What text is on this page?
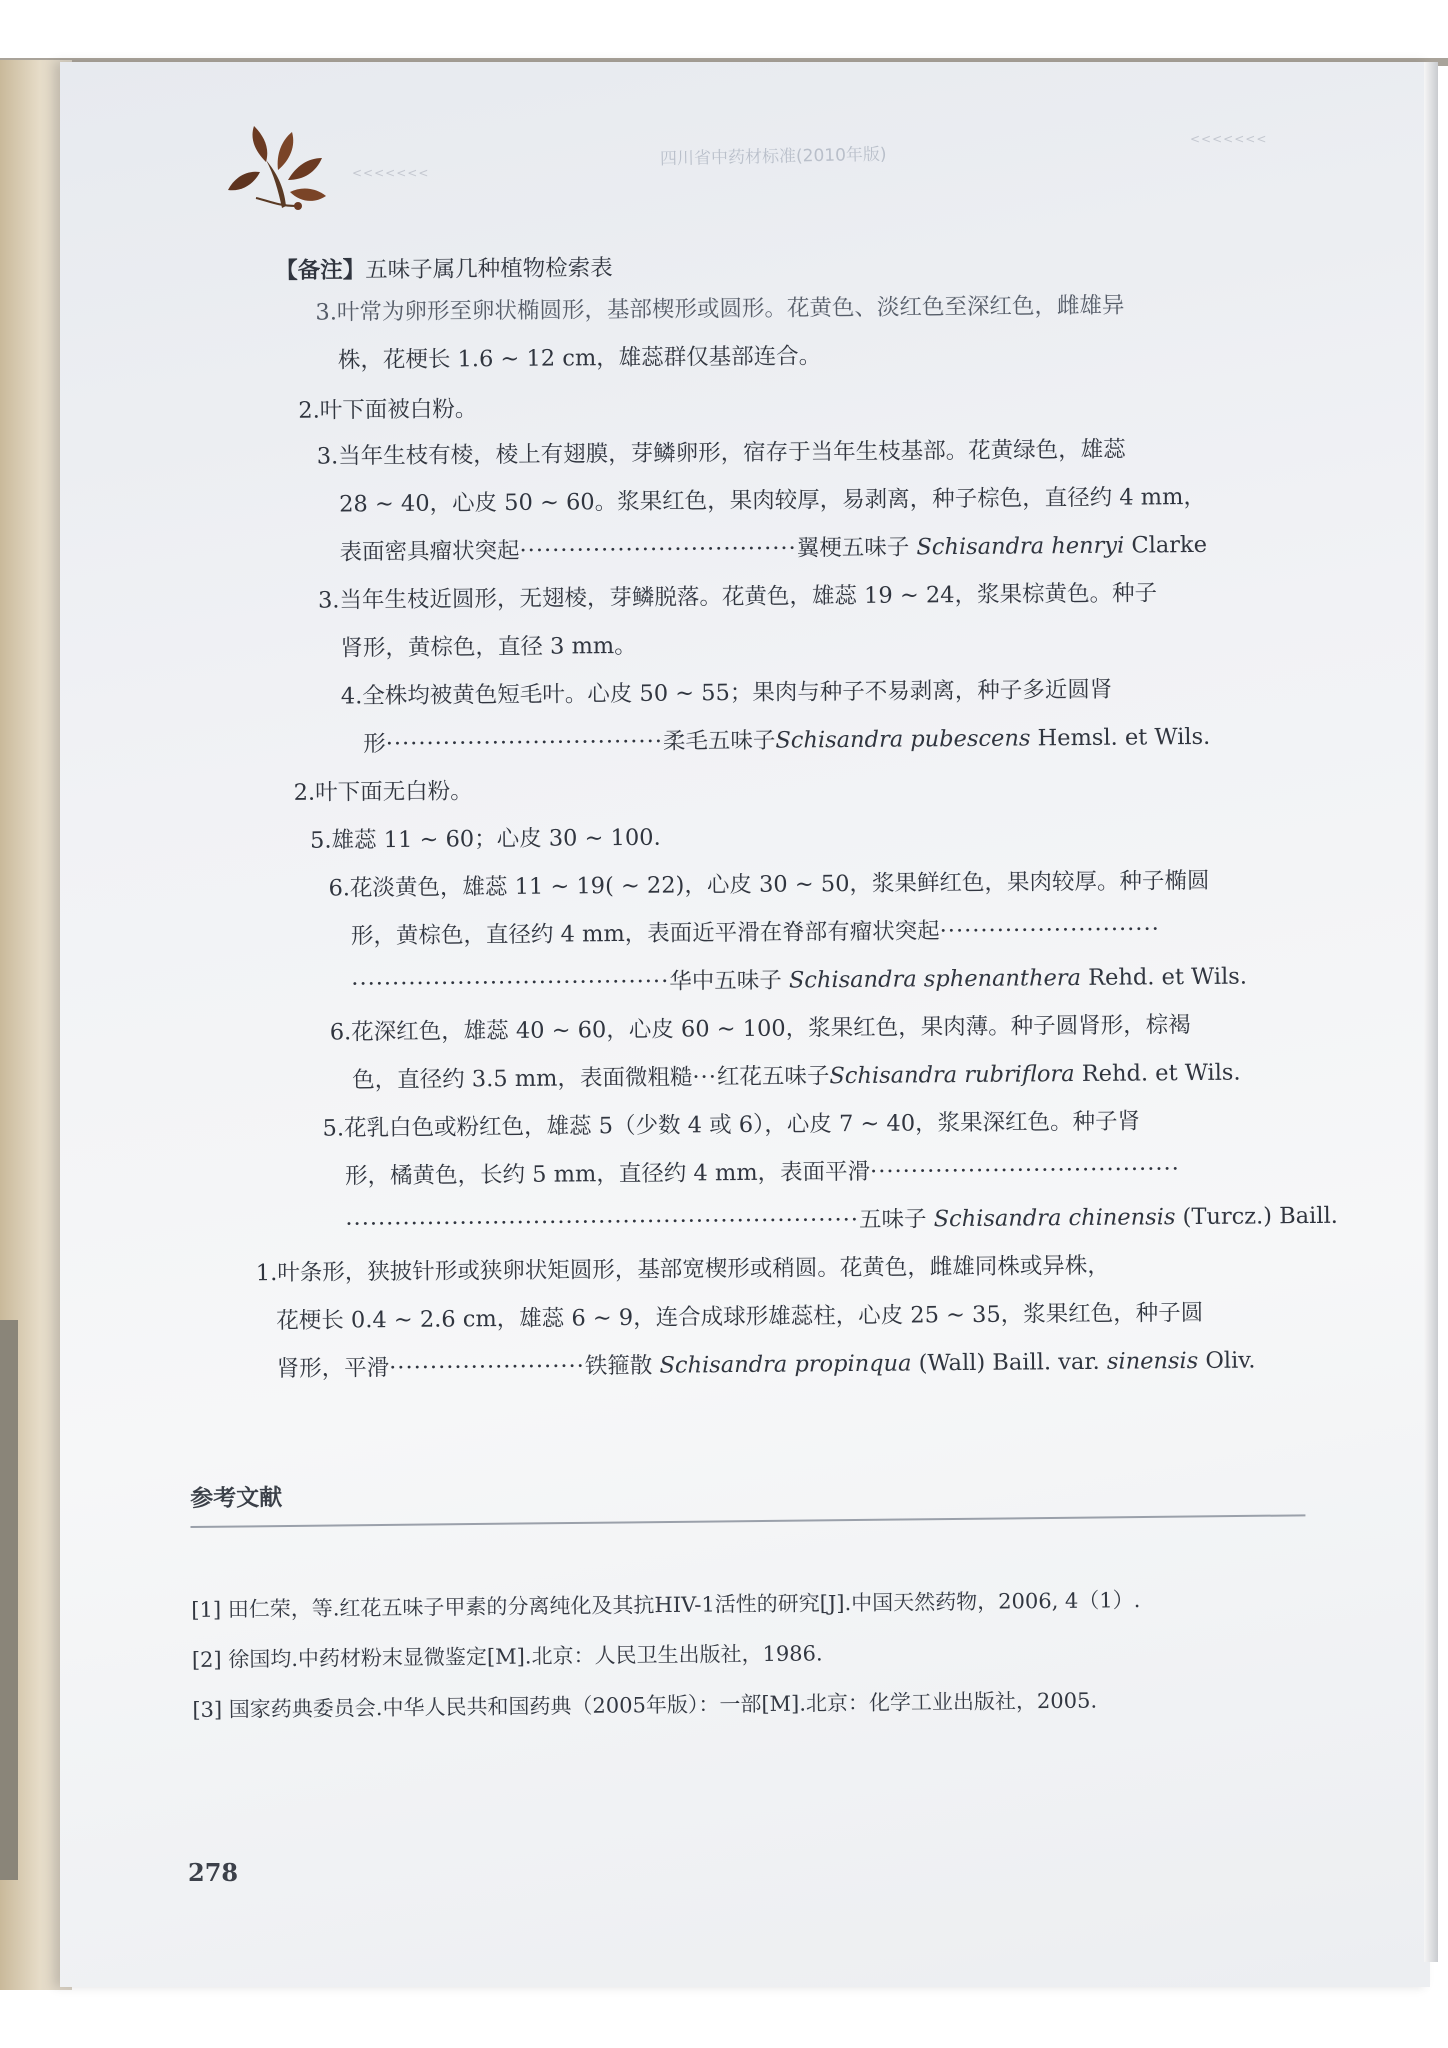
<<<<<<<
<<<<<<<
四川省中药材标准(2010年版)
【备注】五味子属几种植物检索表
3.叶常为卵形至卵状椭圆形，基部楔形或圆形。花黄色、淡红色至深红色，雌雄异
株，花梗长 1.6 ~ 12 cm，雄蕊群仅基部连合。
2.叶下面被白粉。
3.当年生枝有棱，棱上有翅膜，芽鳞卵形，宿存于当年生枝基部。花黄绿色，雄蕊
28 ~ 40，心皮 50 ~ 60。浆果红色，果肉较厚，易剥离，种子棕色，直径约 4 mm，
表面密具瘤状突起··································翼梗五味子 Schisandra henryi Clarke
3.当年生枝近圆形，无翅棱，芽鳞脱落。花黄色，雄蕊 19 ~ 24，浆果棕黄色。种子
肾形，黄棕色，直径 3 mm。
4.全株均被黄色短毛叶。心皮 50 ~ 55；果肉与种子不易剥离，种子多近圆肾
形··································柔毛五味子Schisandra pubescens Hemsl. et Wils.
2.叶下面无白粉。
5.雄蕊 11 ~ 60；心皮 30 ~ 100.
6.花淡黄色，雄蕊 11 ~ 19( ~ 22)，心皮 30 ~ 50，浆果鲜红色，果肉较厚。种子椭圆
形，黄棕色，直径约 4 mm，表面近平滑在脊部有瘤状突起···························
·······································华中五味子 Schisandra sphenanthera Rehd. et Wils.
6.花深红色，雄蕊 40 ~ 60，心皮 60 ~ 100，浆果红色，果肉薄。种子圆肾形，棕褐
色，直径约 3.5 mm，表面微粗糙···红花五味子Schisandra rubriflora Rehd. et Wils.
5.花乳白色或粉红色，雄蕊 5（少数 4 或 6），心皮 7 ~ 40，浆果深红色。种子肾
形，橘黄色，长约 5 mm，直径约 4 mm，表面平滑······································
·······························································五味子 Schisandra chinensis (Turcz.) Baill.
1.叶条形，狭披针形或狭卵状矩圆形，基部宽楔形或稍圆。花黄色，雌雄同株或异株，
花梗长 0.4 ~ 2.6 cm，雄蕊 6 ~ 9，连合成球形雄蕊柱，心皮 25 ~ 35，浆果红色，种子圆
肾形，平滑························铁箍散 Schisandra propinqua (Wall) Baill. var. sinensis Oliv.
参考文献
[1] 田仁荣，等.红花五味子甲素的分离纯化及其抗HIV-1活性的研究[J].中国天然药物，2006, 4（1）.
[2] 徐国均.中药材粉末显微鉴定[M].北京：人民卫生出版社，1986.
[3] 国家药典委员会.中华人民共和国药典（2005年版）：一部[M].北京：化学工业出版社，2005.
278
